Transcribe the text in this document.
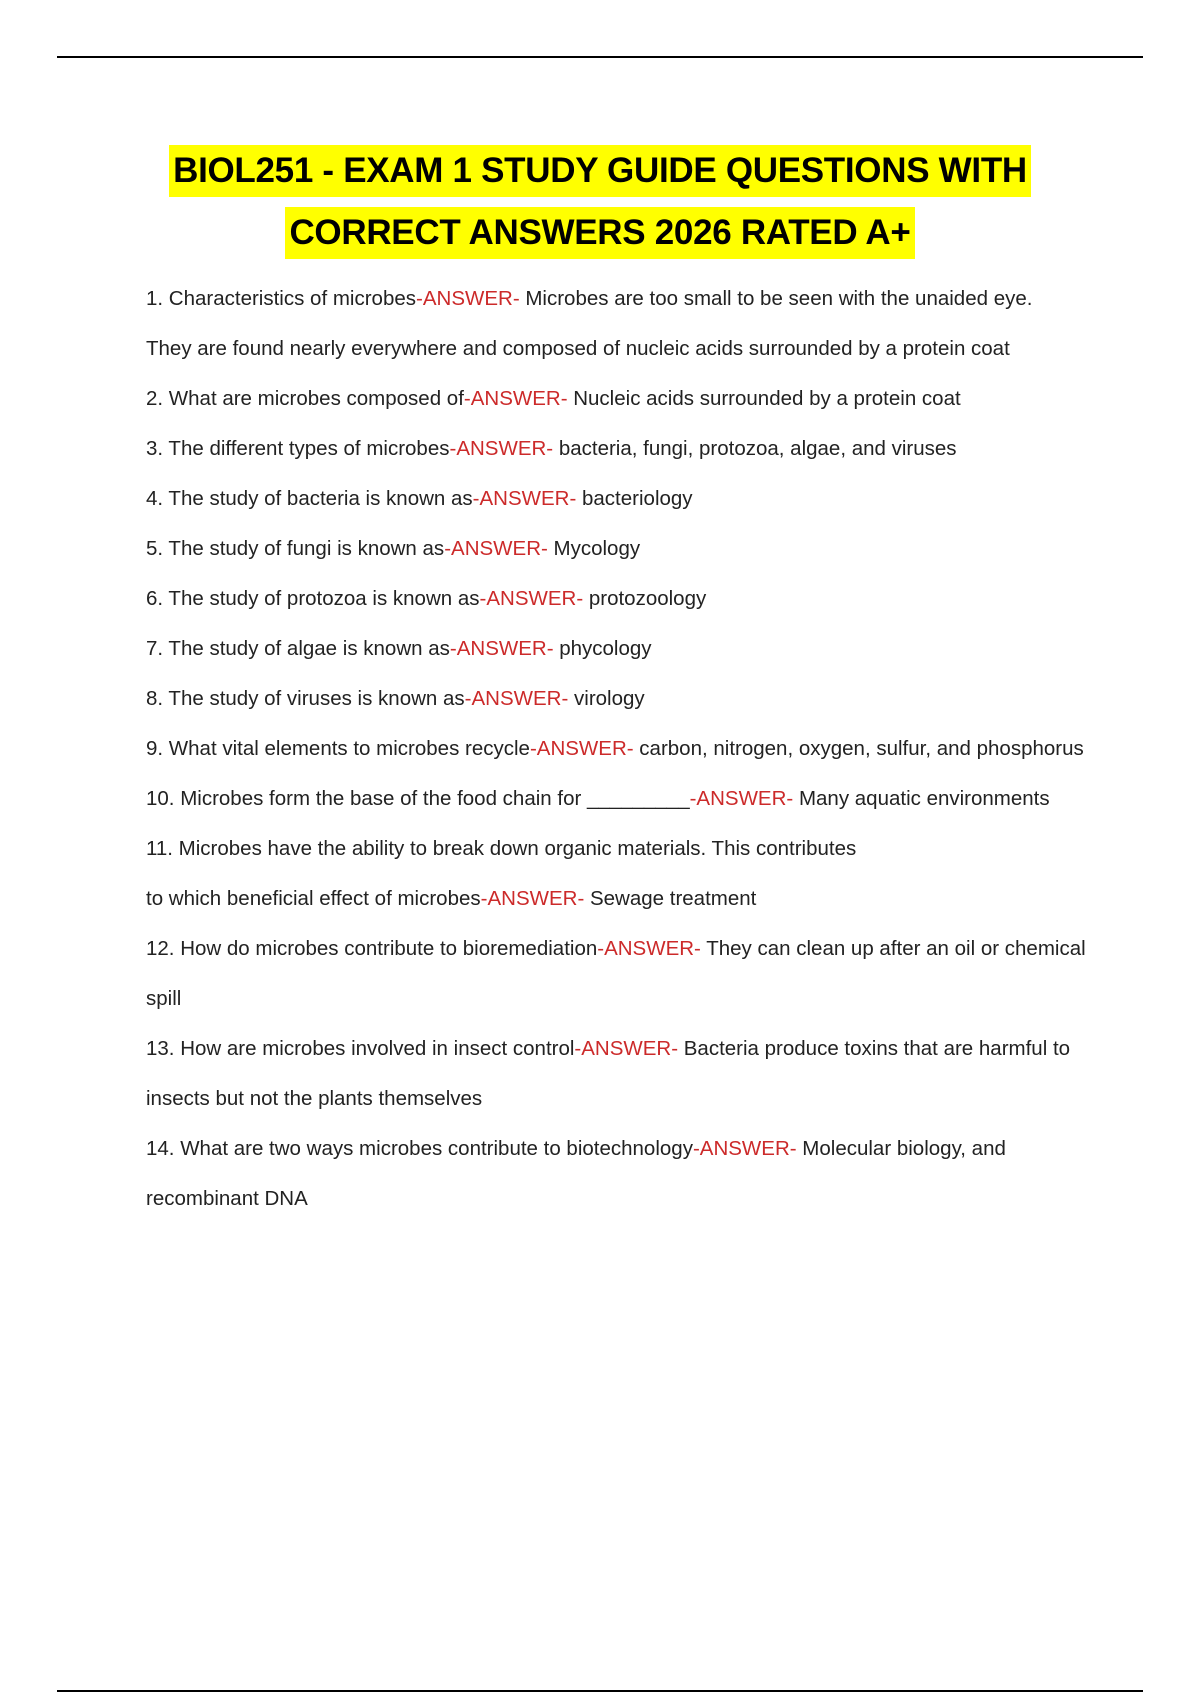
BIOL251 - EXAM 1 STUDY GUIDE QUESTIONS WITH
CORRECT ANSWERS 2026 RATED A+

1. Characteristics of microbes-ANSWER- Microbes are too small to be seen with the unaided eye.

They are found nearly everywhere and composed of nucleic acids surrounded by a protein coat

2. What are microbes composed of-ANSWER- Nucleic acids surrounded by a protein coat

3. The different types of microbes-ANSWER- bacteria, fungi, protozoa, algae, and viruses

4. The study of bacteria is known as-ANSWER- bacteriology

5. The study of fungi is known as-ANSWER- Mycology

6. The study of protozoa is known as-ANSWER- protozoology

7. The study of algae is known as-ANSWER- phycology

8. The study of viruses is known as-ANSWER- virology

9. What vital elements to microbes recycle-ANSWER- carbon, nitrogen, oxygen, sulfur, and phosphorus

10. Microbes form the base of the food chain for _________-ANSWER- Many aquatic environments

11. Microbes have the ability to break down organic materials. This contributes

to which beneficial effect of microbes-ANSWER- Sewage treatment

12. How do microbes contribute to bioremediation-ANSWER- They can clean up after an oil or chemical

spill

13. How are microbes involved in insect control-ANSWER- Bacteria produce toxins that are harmful to

insects but not the plants themselves

14. What are two ways microbes contribute to biotechnology-ANSWER- Molecular biology, and

recombinant DNA
